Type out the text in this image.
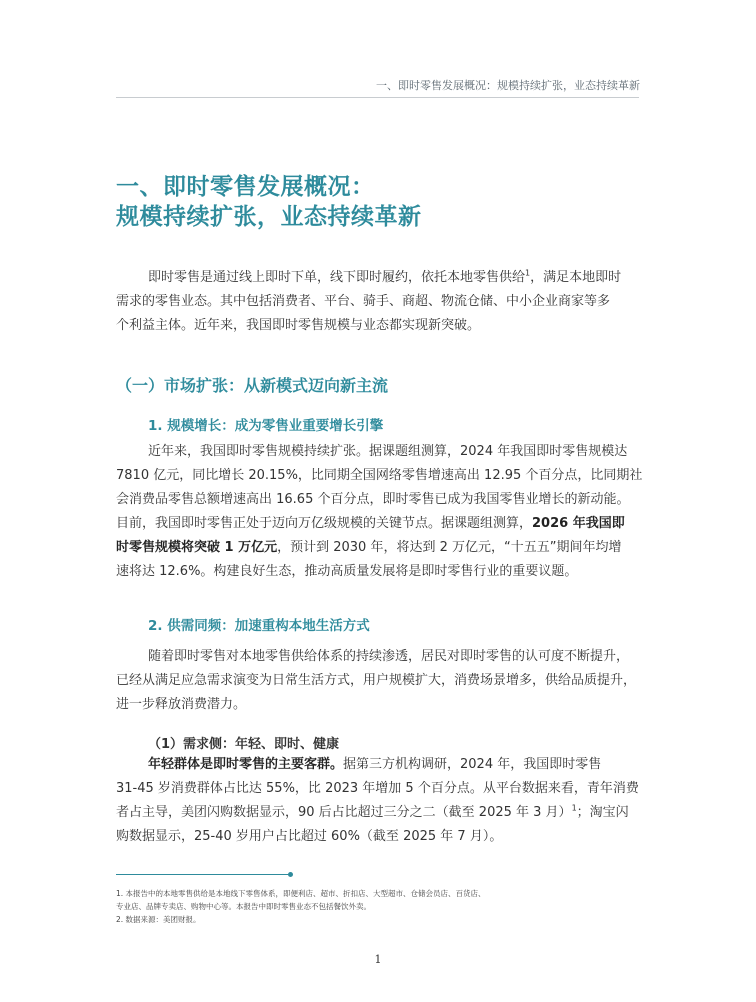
一、即时零售发展概况：规模持续扩张，业态持续革新
一、即时零售发展概况：
规模持续扩张，业态持续革新

即时零售是通过线上即时下单，线下即时履约，依托本地零售供给$^1$，满足本地即时
需求的零售业态。其中包括消费者、平台、骑手、商超、物流仓储、中小企业商家等多
个利益主体。近年来，我国即时零售规模与业态都实现新突破。

（一）市场扩张：从新模式迈向新主流
1. 规模增长：成为零售业重要增长引擎

近年来，我国即时零售规模持续扩张。据课题组测算，2024 年我国即时零售规模达
7810 亿元，同比增长 20.15%，比同期全国网络零售增速高出 12.95 个百分点，比同期社
会消费品零售总额增速高出 16.65 个百分点，即时零售已成为我国零售业增长的新动能。
目前，我国即时零售正处于迈向万亿级规模的关键节点。据课题组测算，2026 年我国即
时零售规模将突破 1 万亿元，预计到 2030 年，将达到 2 万亿元，“十五五”期间年均增
速将达 12.6%。构建良好生态，推动高质量发展将是即时零售行业的重要议题。

2. 供需同频：加速重构本地生活方式

随着即时零售对本地零售供给体系的持续渗透，居民对即时零售的认可度不断提升，
已经从满足应急需求演变为日常生活方式，用户规模扩大，消费场景增多，供给品质提升，
进一步释放消费潜力。

（1）需求侧：年轻、即时、健康

年轻群体是即时零售的主要客群。据第三方机构调研，2024 年，我国即时零售
31-45 岁消费群体占比达 55%，比 2023 年增加 5 个百分点。从平台数据来看，青年消费
者占主导，美团闪购数据显示，90 后占比超过三分之二（截至 2025 年 3 月）$^1$；淘宝闪
购数据显示，25-40 岁用户占比超过 60%（截至 2025 年 7 月）。

1. 本报告中的本地零售供给是本地线下零售体系，即便利店、超市、折扣店、大型超市、仓储会员店、百货店、
专业店、品牌专卖店、购物中心等。本报告中即时零售业态不包括餐饮外卖。
2. 数据来源：美团财报。
1
